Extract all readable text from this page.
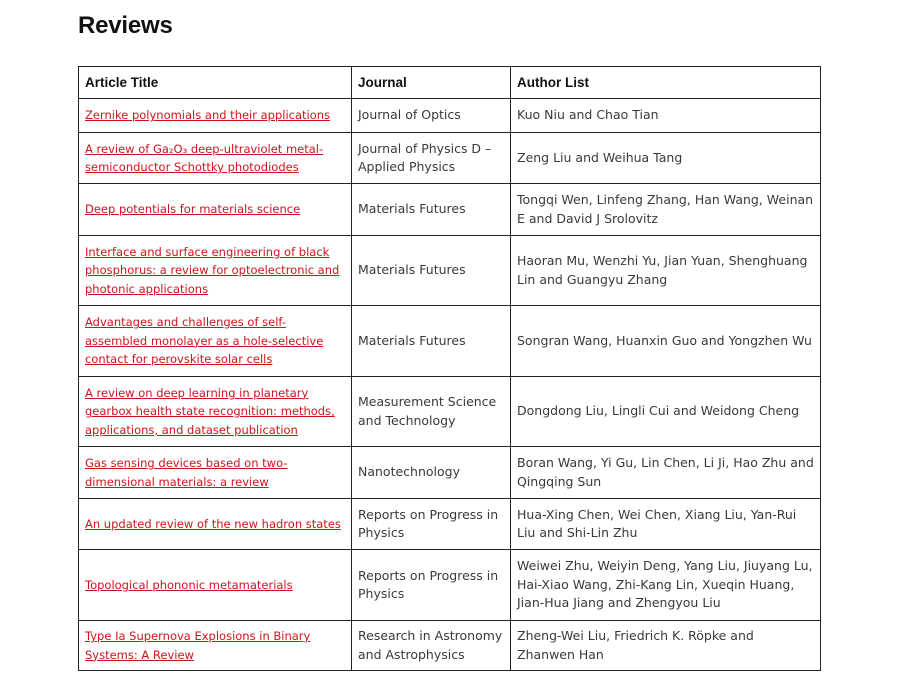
Reviews
Article Title	Journal	Author List
Zernike polynomials and their applications	Journal of Optics	Kuo Niu and Chao Tian
A review of Ga₂O₃ deep-ultraviolet metal-semiconductor Schottky photodiodes	Journal of Physics D – Applied Physics	Zeng Liu and Weihua Tang
Deep potentials for materials science	Materials Futures	Tongqi Wen, Linfeng Zhang, Han Wang, Weinan E and David J Srolovitz
Interface and surface engineering of black phosphorus: a review for optoelectronic and photonic applications	Materials Futures	Haoran Mu, Wenzhi Yu, Jian Yuan, Shenghuang Lin and Guangyu Zhang
Advantages and challenges of self-assembled monolayer as a hole-selective contact for perovskite solar cells	Materials Futures	Songran Wang, Huanxin Guo and Yongzhen Wu
A review on deep learning in planetary gearbox health state recognition: methods, applications, and dataset publication	Measurement Science and Technology	Dongdong Liu, Lingli Cui and Weidong Cheng
Gas sensing devices based on two-dimensional materials: a review	Nanotechnology	Boran Wang, Yi Gu, Lin Chen, Li Ji, Hao Zhu and Qingqing Sun
An updated review of the new hadron states	Reports on Progress in Physics	Hua-Xing Chen, Wei Chen, Xiang Liu, Yan-Rui Liu and Shi-Lin Zhu
Topological phononic metamaterials	Reports on Progress in Physics	Weiwei Zhu, Weiyin Deng, Yang Liu, Jiuyang Lu, Hai-Xiao Wang, Zhi-Kang Lin, Xueqin Huang, Jian-Hua Jiang and Zhengyou Liu
Type Ia Supernova Explosions in Binary Systems: A Review	Research in Astronomy and Astrophysics	Zheng-Wei Liu, Friedrich K. Röpke and Zhanwen Han
